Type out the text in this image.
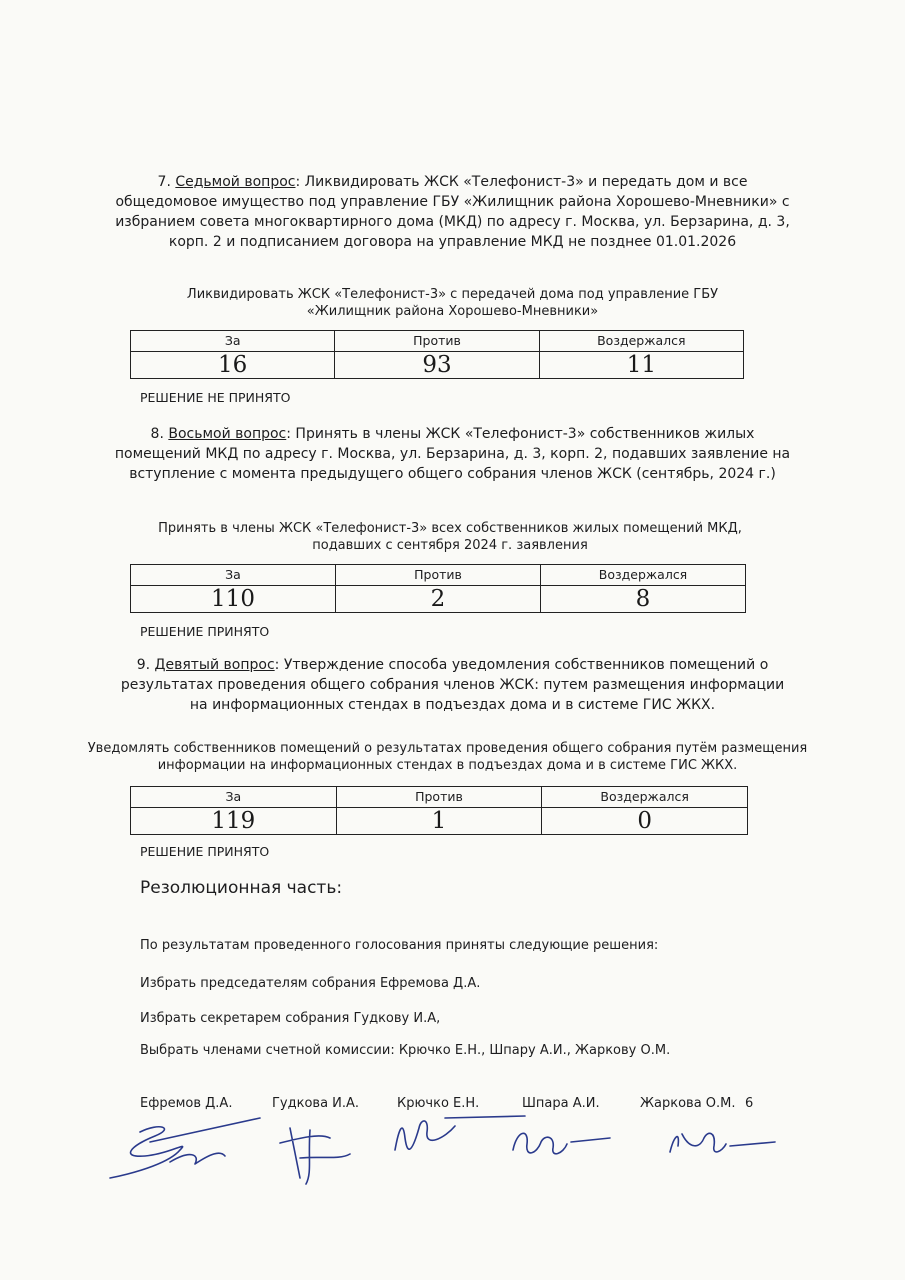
7. Седьмой вопрос: Ликвидировать ЖСК «Телефонист-3» и передать дом и все общедомовое имущество под управление ГБУ «Жилищник района Хорошево-Мневники» с избранием совета многоквартирного дома (МКД) по адресу г. Москва, ул. Берзарина, д. 3, корп. 2 и подписанием договора на управление МКД не позднее 01.01.2026
Ликвидировать ЖСК «Телефонист-3» с передачей дома под управление ГБУ «Жилищник района Хорошево-Мневники»
За	Против	Воздержался
16	93	11
РЕШЕНИЕ НЕ ПРИНЯТО
8. Восьмой вопрос: Принять в члены ЖСК «Телефонист-3» собственников жилых помещений МКД по адресу г. Москва, ул. Берзарина, д. 3, корп. 2, подавших заявление на вступление с момента предыдущего общего собрания членов ЖСК (сентябрь, 2024 г.)
Принять в члены ЖСК «Телефонист-3» всех собственников жилых помещений МКД, подавших с сентября 2024 г. заявления
За	Против	Воздержался
110	2	8
РЕШЕНИЕ ПРИНЯТО
9. Девятый вопрос: Утверждение способа уведомления собственников помещений о результатах проведения общего собрания членов ЖСК: путем размещения информации на информационных стендах в подъездах дома и в системе ГИС ЖКХ.
Уведомлять собственников помещений о результатах проведения общего собрания путём размещения информации на информационных стендах в подъездах дома и в системе ГИС ЖКХ.
За	Против	Воздержался
119	1	0
РЕШЕНИЕ ПРИНЯТО
Резолюционная часть:
По результатам проведенного голосования приняты следующие решения:
Избрать председателям собрания Ефремова Д.А.
Избрать секретарем собрания Гудкову И.А,
Выбрать членами счетной комиссии: Крючко Е.Н., Шпару А.И., Жаркову О.М.
Ефремов Д.А.	Гудкова И.А.	Крючко Е.Н.	Шпара А.И.	Жаркова О.М. 6
